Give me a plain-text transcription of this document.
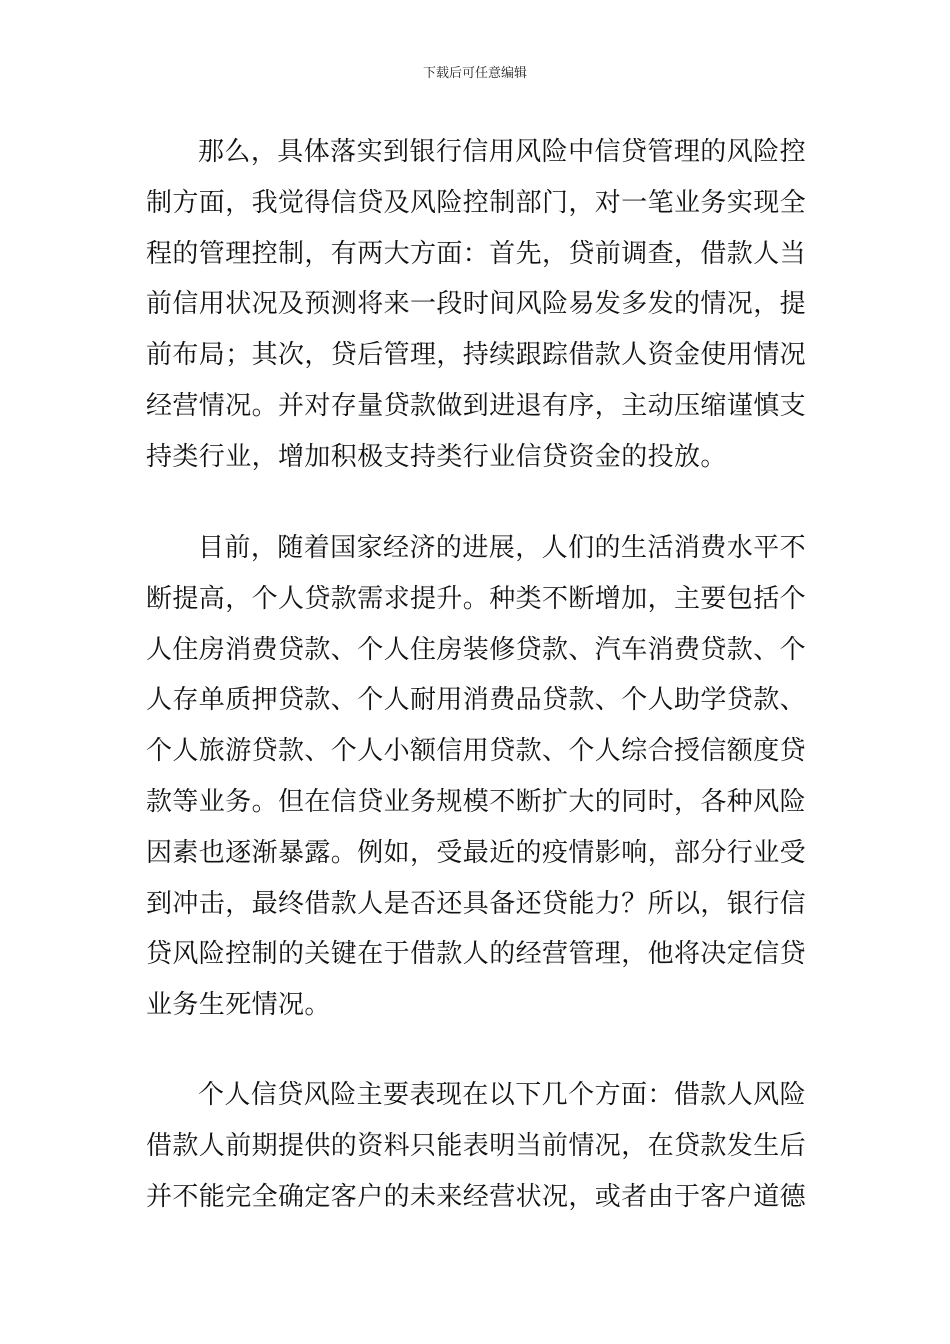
下载后可任意编辑

那么，具体落实到银行信用风险中信贷管理的风险控制方面，我觉得信贷及风险控制部门，对一笔业务实现全程的管理控制，有两大方面：首先，贷前调查，借款人当前信用状况及预测将来一段时间风险易发多发的情况，提前布局；其次，贷后管理，持续跟踪借款人资金使用情况经营情况。并对存量贷款做到进退有序，主动压缩谨慎支持类行业，增加积极支持类行业信贷资金的投放。

目前，随着国家经济的进展，人们的生活消费水平不断提高，个人贷款需求提升。种类不断增加，主要包括个人住房消费贷款、个人住房装修贷款、汽车消费贷款、个人存单质押贷款、个人耐用消费品贷款、个人助学贷款、个人旅游贷款、个人小额信用贷款、个人综合授信额度贷款等业务。但在信贷业务规模不断扩大的同时，各种风险因素也逐渐暴露。例如，受最近的疫情影响，部分行业受到冲击，最终借款人是否还具备还贷能力？所以，银行信贷风险控制的关键在于借款人的经营管理，他将决定信贷业务生死情况。

个人信贷风险主要表现在以下几个方面：借款人风险借款人前期提供的资料只能表明当前情况，在贷款发生后并不能完全确定客户的未来经营状况，或者由于客户道德
